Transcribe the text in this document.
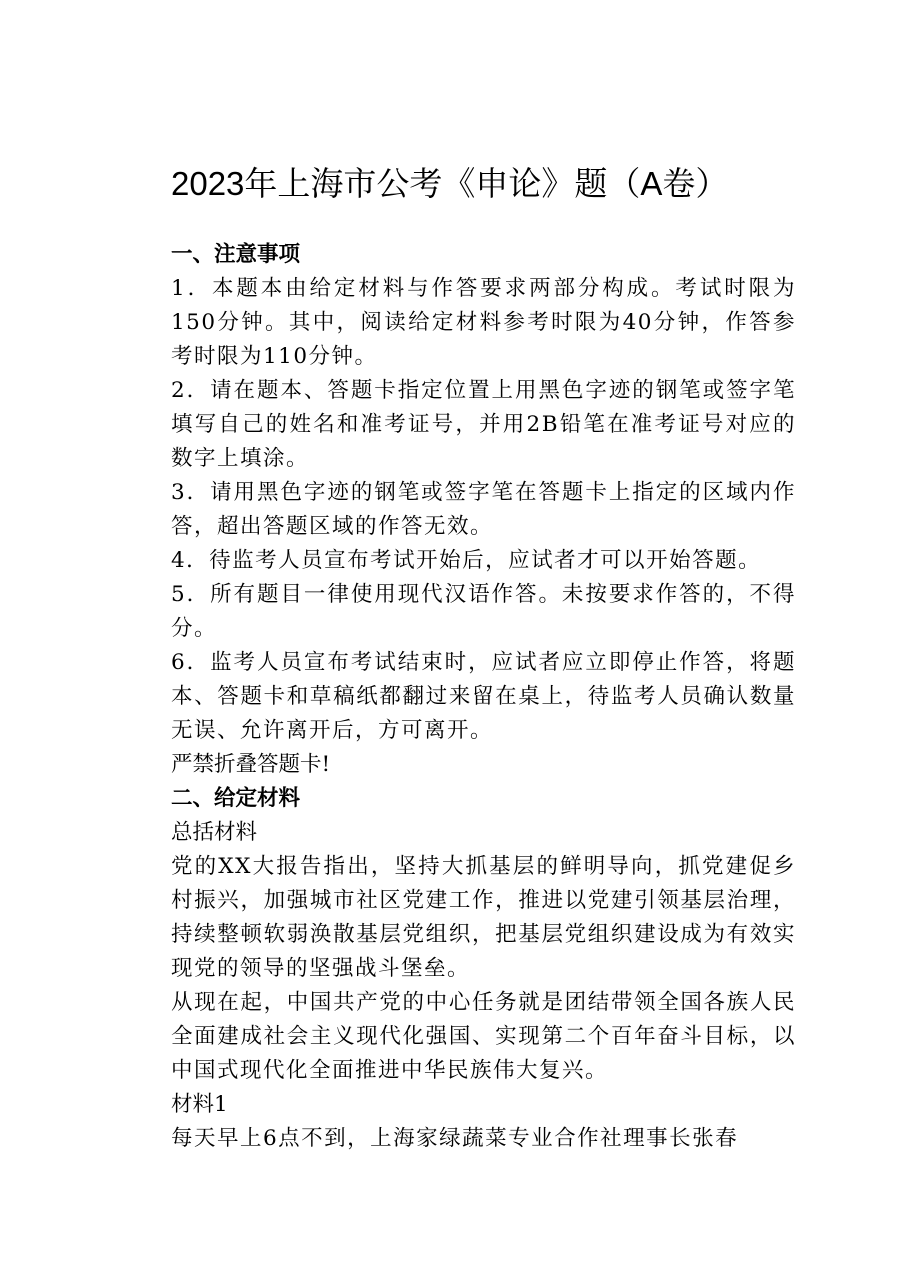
2023年上海市公考《申论》题（A卷）

一、注意事项

1．本题本由给定材料与作答要求两部分构成。考试时限为150分钟。其中，阅读给定材料参考时限为40分钟，作答参考时限为110分钟。

2．请在题本、答题卡指定位置上用黑色字迹的钢笔或签字笔填写自己的姓名和准考证号，并用2B铅笔在准考证号对应的数字上填涂。

3．请用黑色字迹的钢笔或签字笔在答题卡上指定的区域内作答，超出答题区域的作答无效。

4．待监考人员宣布考试开始后，应试者才可以开始答题。

5．所有题目一律使用现代汉语作答。未按要求作答的，不得分。

6．监考人员宣布考试结束时，应试者应立即停止作答，将题本、答题卡和草稿纸都翻过来留在桌上，待监考人员确认数量无误、允许离开后，方可离开。

严禁折叠答题卡!

二、给定材料

总括材料

党的XX大报告指出，坚持大抓基层的鲜明导向，抓党建促乡村振兴，加强城市社区党建工作，推进以党建引领基层治理，持续整顿软弱涣散基层党组织，把基层党组织建设成为有效实现党的领导的坚强战斗堡垒。

从现在起，中国共产党的中心任务就是团结带领全国各族人民全面建成社会主义现代化强国、实现第二个百年奋斗目标，以中国式现代化全面推进中华民族伟大复兴。

材料1

每天早上6点不到，上海家绿蔬菜专业合作社理事长张春
